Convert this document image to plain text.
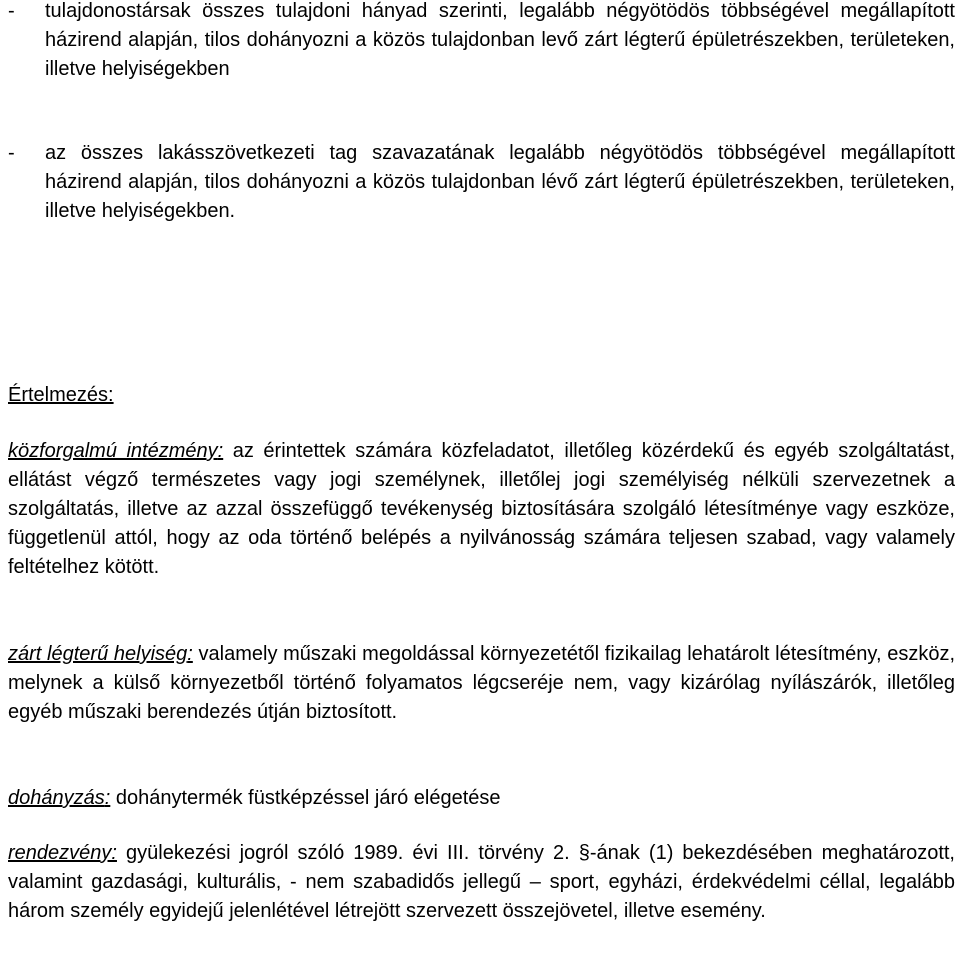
- tulajdonostársak összes tulajdoni hányad szerinti, legalább négyötödös többségével megállapított házirend alapján, tilos dohányozni a közös tulajdonban levő zárt légterű épületrészekben, területeken, illetve helyiségekben

- az összes lakásszövetkezeti tag szavazatának legalább négyötödös többségével megállapított házirend alapján, tilos dohányozni a közös tulajdonban lévő zárt légterű épületrészekben, területeken, illetve helyiségekben.

Értelmezés:

közforgalmú intézmény: az érintettek számára közfeladatot, illetőleg közérdekű és egyéb szolgáltatást, ellátást végző természetes vagy jogi személynek, illetőlej jogi személyiség nélküli szervezetnek a szolgáltatás, illetve az azzal összefüggő tevékenység biztosítására szolgáló létesítménye vagy eszköze, függetlenül attól, hogy az oda történő belépés a nyilvánosság számára teljesen szabad, vagy valamely feltételhez kötött.

zárt légterű helyiség: valamely műszaki megoldással környezetétől fizikailag lehatárolt létesítmény, eszköz, melynek a külső környezetből történő folyamatos légcseréje nem, vagy kizárólag nyílászárók, illetőleg egyéb műszaki berendezés útján biztosított.

dohányzás: dohánytermék füstképzéssel járó elégetése

rendezvény: gyülekezési jogról szóló 1989. évi III. törvény 2. §-ának (1) bekezdésében meghatározott, valamint gazdasági, kulturális, - nem szabadidős jellegű – sport, egyházi, érdekvédelmi céllal, legalább három személy egyidejű jelenlétével létrejött szervezett összejövetel, illetve esemény.
